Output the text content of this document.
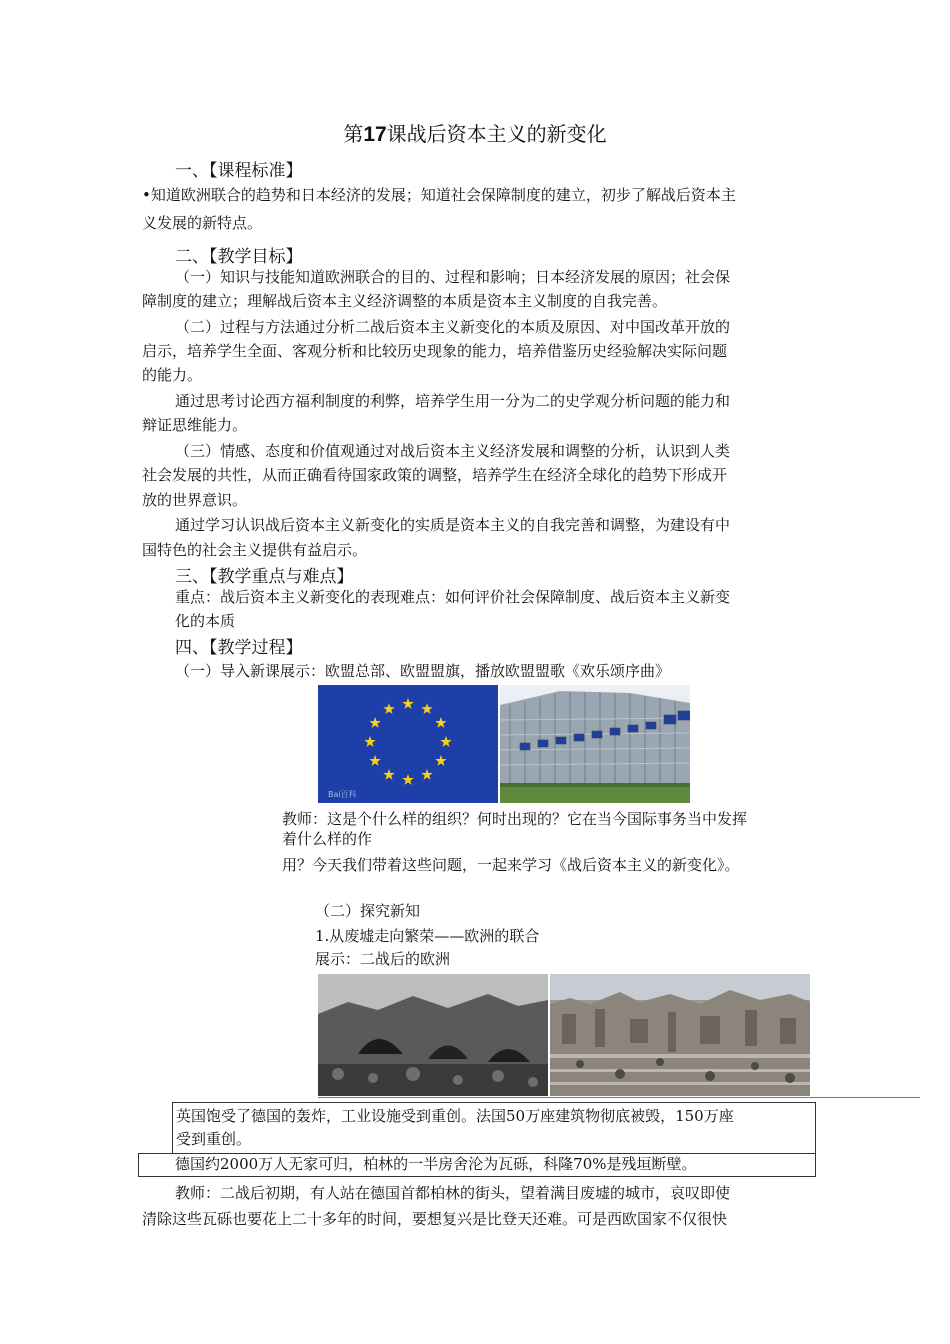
第17课战后资本主义的新变化
一、【课程标准】
•知道欧洲联合的趋势和日本经济的发展；知道社会保障制度的建立，初步了解战后资本主
义发展的新特点。
二、【教学目标】
（一）知识与技能知道欧洲联合的目的、过程和影响；日本经济发展的原因；社会保
障制度的建立；理解战后资本主义经济调整的本质是资本主义制度的自我完善。
（二）过程与方法通过分析二战后资本主义新变化的本质及原因、对中国改革开放的
启示，培养学生全面、客观分析和比较历史现象的能力，培养借鉴历史经验解决实际问题
的能力。
通过思考讨论西方福利制度的利弊，培养学生用一分为二的史学观分析问题的能力和
辩证思维能力。
（三）情感、态度和价值观通过对战后资本主义经济发展和调整的分析，认识到人类
社会发展的共性，从而正确看待国家政策的调整，培养学生在经济全球化的趋势下形成开
放的世界意识。
通过学习认识战后资本主义新变化的实质是资本主义的自我完善和调整，为建设有中
国特色的社会主义提供有益启示。
三、【教学重点与难点】
重点：战后资本主义新变化的表现难点：如何评价社会保障制度、战后资本主义新变
化的本质
四、【教学过程】
（一）导入新课展示：欧盟总部、欧盟盟旗，播放欧盟盟歌《欢乐颂序曲》
Bai百科
教师：这是个什么样的组织？何时出现的？它在当今国际事务当中发挥
着什么样的作
用？今天我们带着这些问题，一起来学习《战后资本主义的新变化》。
（二）探究新知
1.从废墟走向繁荣——欧洲的联合
展示：二战后的欧洲
英国饱受了德国的轰炸，工业设施受到重创。法国50万座建筑物彻底被毁，150万座
受到重创。
德国约2000万人无家可归，柏林的一半房舍沦为瓦砾，科隆70%是残垣断壁。
教师：二战后初期，有人站在德国首都柏林的街头，望着满目废墟的城市，哀叹即使
清除这些瓦砾也要花上二十多年的时间，要想复兴是比登天还难。可是西欧国家不仅很快
